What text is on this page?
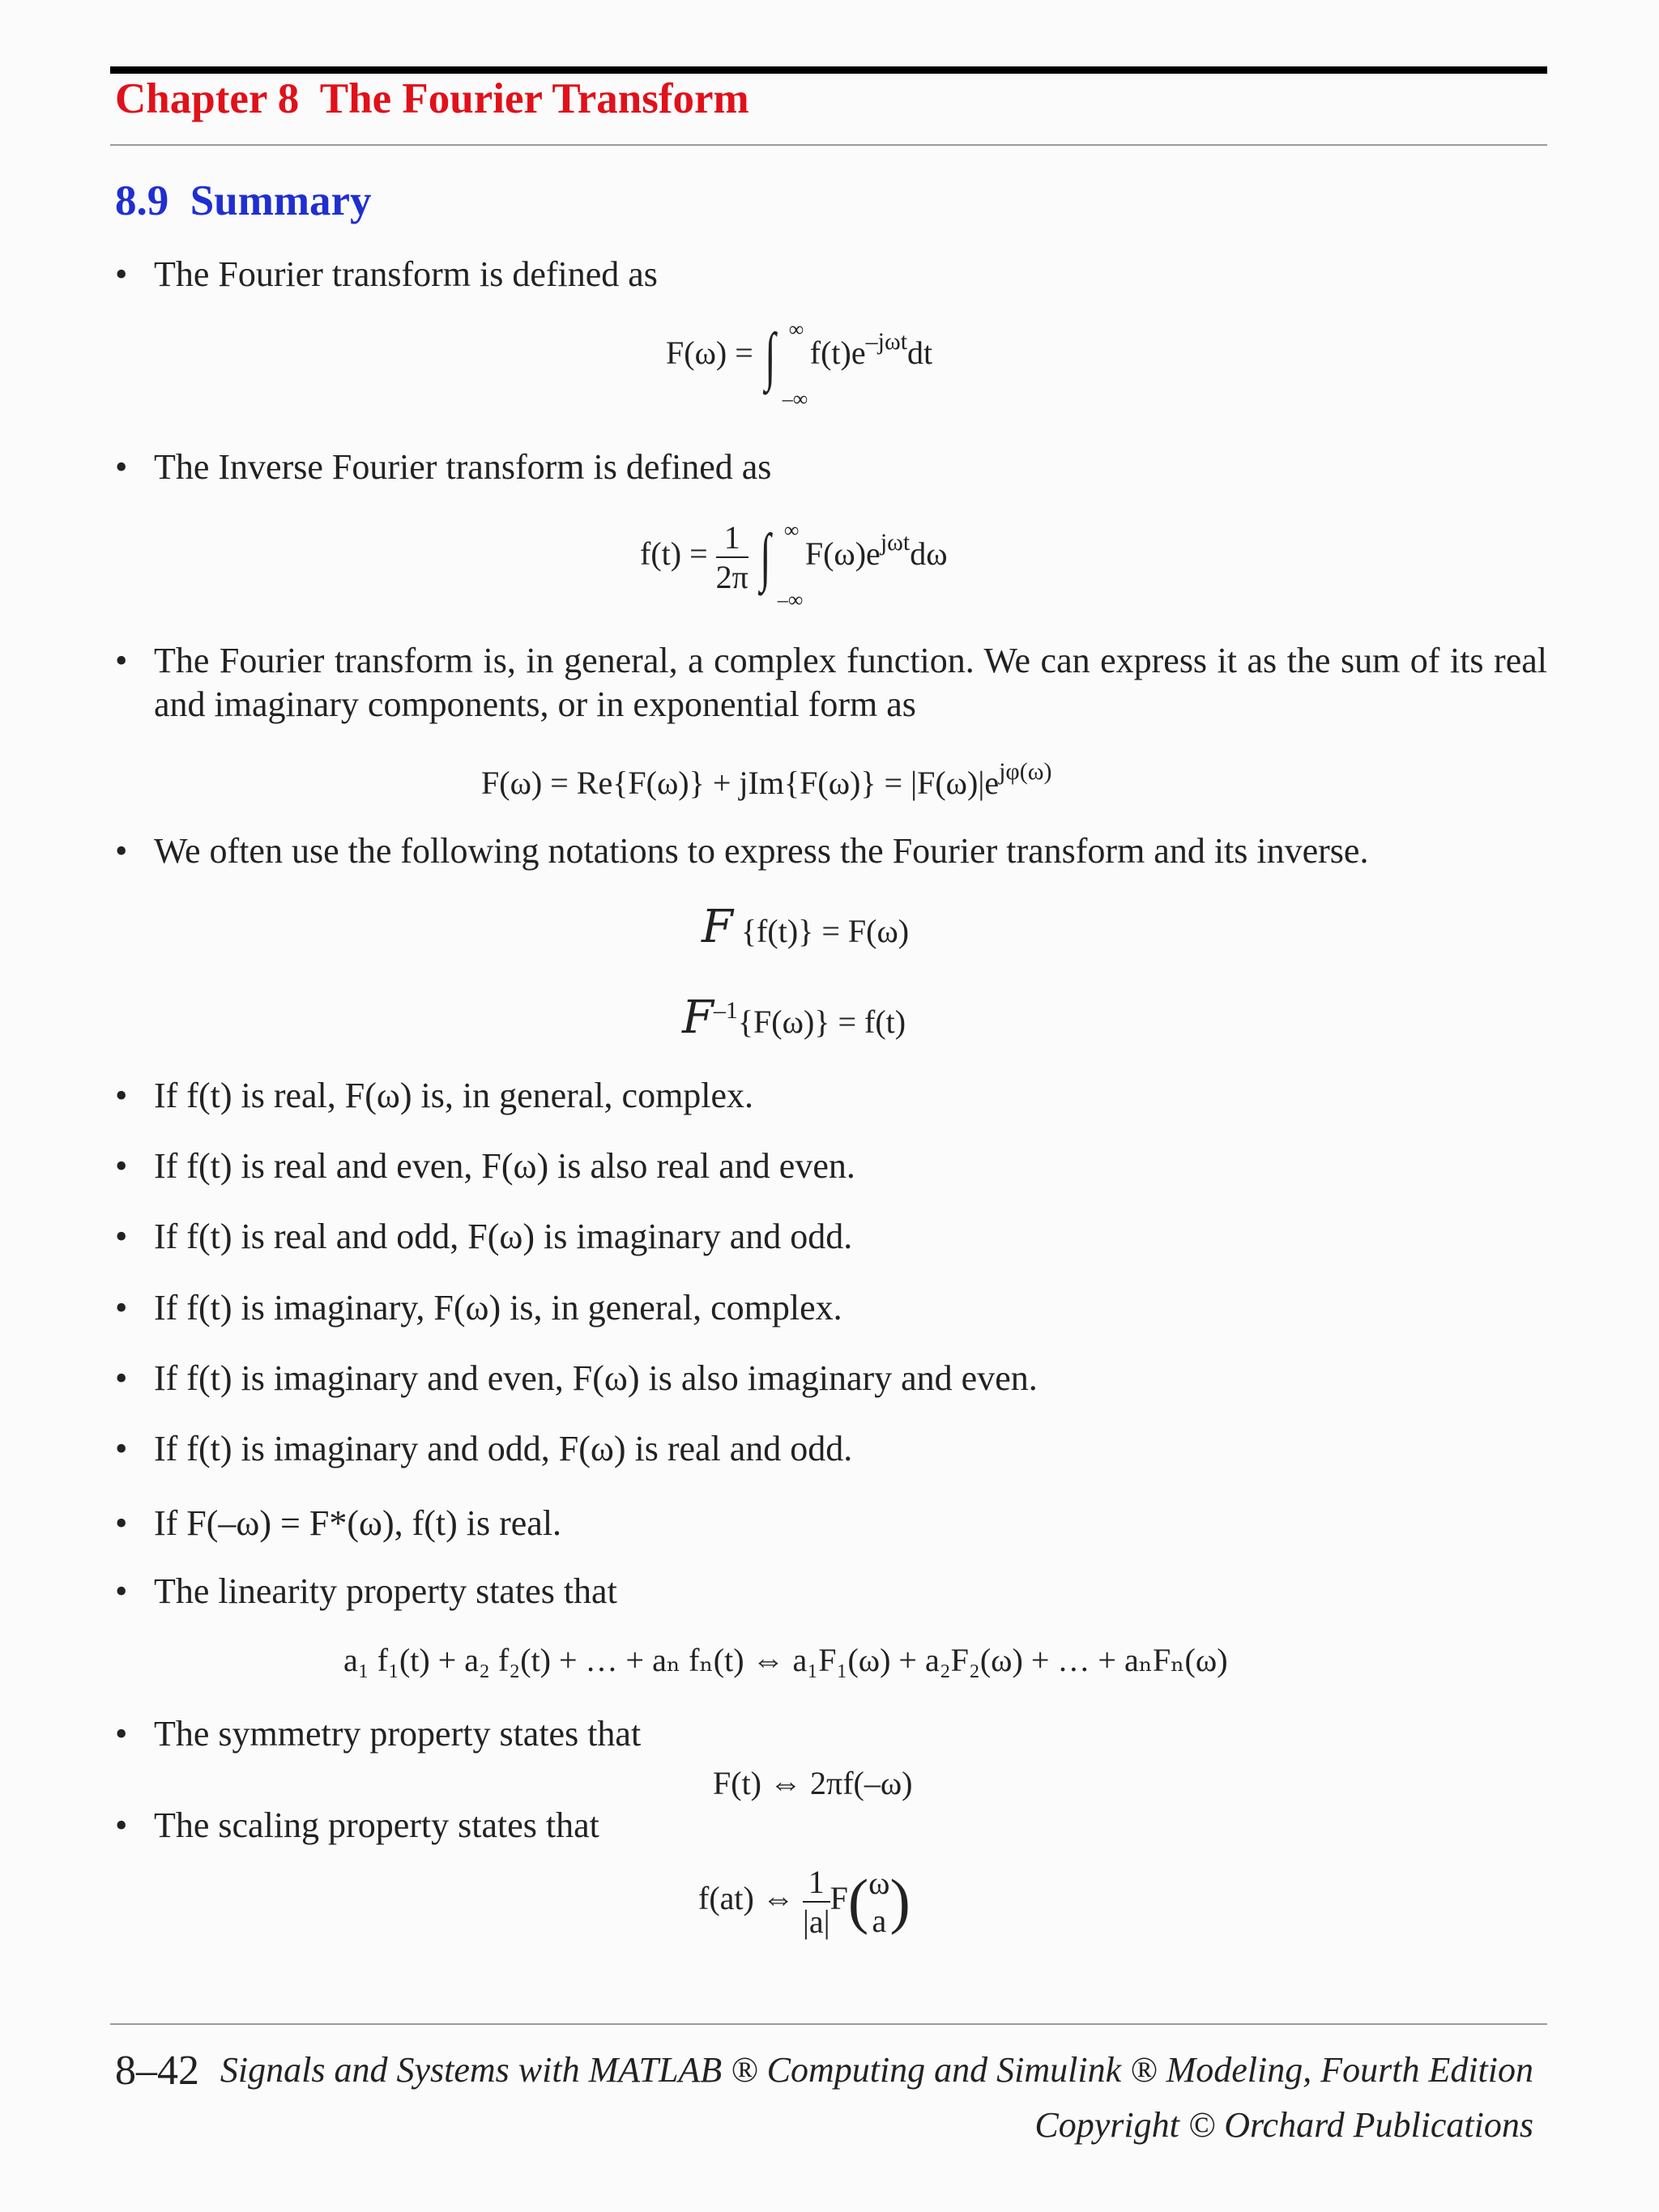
Chapter 8  The Fourier Transform
8.9  Summary
• The Fourier transform is defined as
F(ω) = ∫ ∞
–∞
$f(t)e^{-j\omega t}dt$
• The Inverse Fourier transform is defined as
$f(t) = \frac{1}{2\pi}$ ∫ ∞
–∞
$F(\omega)e^{j\omega t}d\omega$
• The Fourier transform is, in general, a complex function. We can express it as the sum of its real and imaginary components, or in exponential form as
$F(\omega) = Re\{F(\omega)\} + jIm\{F(\omega)\} = |F(\omega)|e^{j\varphi(\omega)}$
• We often use the following notations to express the Fourier transform and its inverse.
F {f(t)} = F(ω)
$F^{-1}\{F(\omega)\} = f(t)$
• If f(t) is real, F(ω) is, in general, complex.
• If f(t) is real and even, F(ω) is also real and even.
• If f(t) is real and odd, F(ω) is imaginary and odd.
• If f(t) is imaginary, F(ω) is, in general, complex.
• If f(t) is imaginary and even, F(ω) is also imaginary and even.
• If f(t) is imaginary and odd, F(ω) is real and odd.
• If F(–ω) = F*(ω), f(t) is real.
• The linearity property states that
a₁ f₁(t) + a₂ f₂(t) + … + aₙ fₙ(t) ⇔ a₁F₁(ω) + a₂F₂(ω) + … + aₙFₙ(ω)
• The symmetry property states that
F(t) ⇔ 2πf(–ω)
• The scaling property states that
f(at) ⇔ $\frac{1}{|a|} F$( ω
a )
8–42 Signals and Systems with MATLAB ® Computing and Simulink ® Modeling, Fourth Edition
Copyright © Orchard Publications
